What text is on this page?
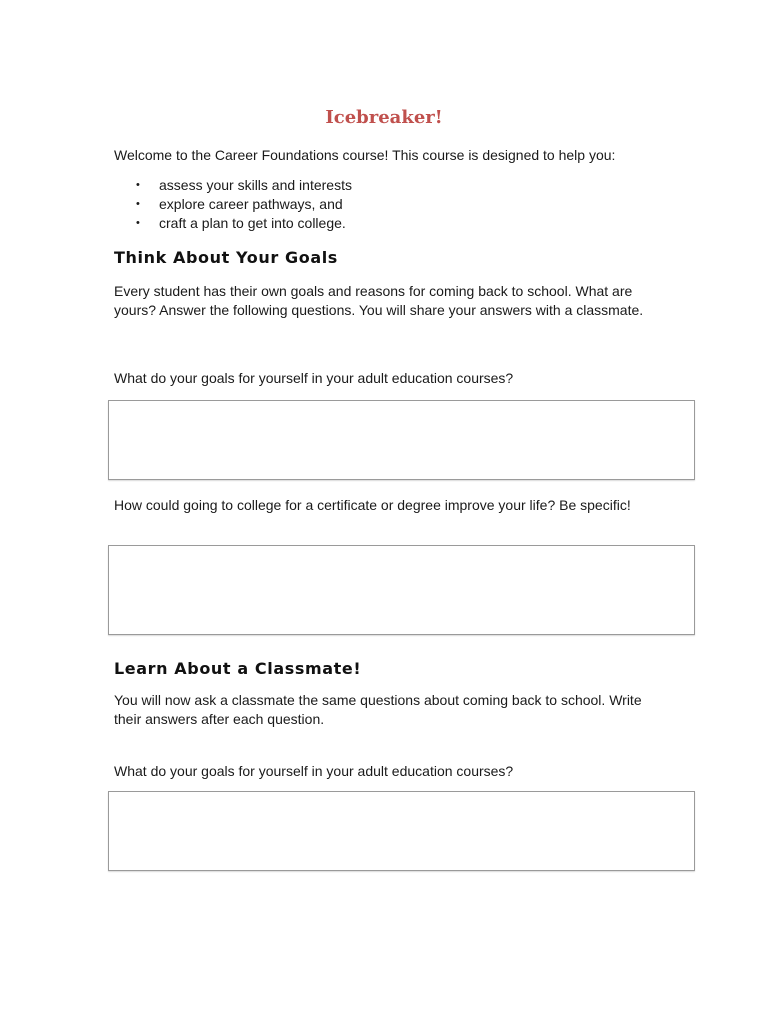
Icebreaker!

Welcome to the Career Foundations course! This course is designed to help you:

• assess your skills and interests
• explore career pathways, and
• craft a plan to get into college.
Think About Your Goals

Every student has their own goals and reasons for coming back to school. What are yours? Answer the following questions. You will share your answers with a classmate.

What do your goals for yourself in your adult education courses?

How could going to college for a certificate or degree improve your life? Be specific!

Learn About a Classmate!

You will now ask a classmate the same questions about coming back to school. Write their answers after each question.

What do your goals for yourself in your adult education courses?
